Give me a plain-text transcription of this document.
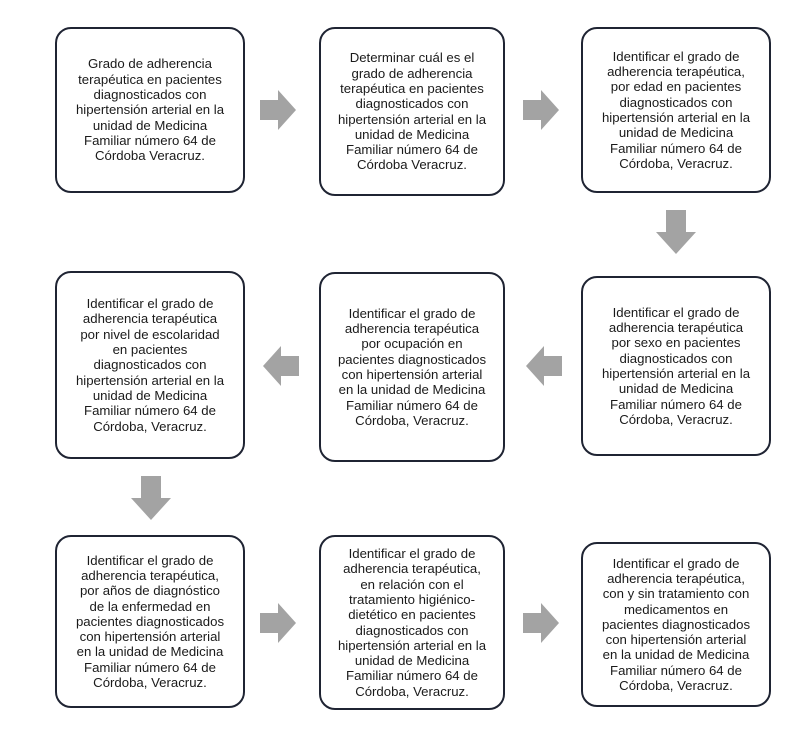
Grado de adherencia
terapéutica en pacientes
diagnosticados con
hipertensión arterial en la
unidad de Medicina
Familiar número 64 de
Córdoba Veracruz.
Determinar cuál es el
grado de adherencia
terapéutica en pacientes
diagnosticados con
hipertensión arterial en la
unidad de Medicina
Familiar número 64 de
Córdoba Veracruz.
Identificar el grado de
adherencia terapéutica,
por edad en pacientes
diagnosticados con
hipertensión arterial en la
unidad de Medicina
Familiar número 64 de
Córdoba, Veracruz.
Identificar el grado de
adherencia terapéutica
por sexo en pacientes
diagnosticados con
hipertensión arterial en la
unidad de Medicina
Familiar número 64 de
Córdoba, Veracruz.
Identificar el grado de
adherencia terapéutica
por ocupación en
pacientes diagnosticados
con hipertensión arterial
en la unidad de Medicina
Familiar número 64 de
Córdoba, Veracruz.
Identificar el grado de
adherencia terapéutica
por nivel de escolaridad
en pacientes
diagnosticados con
hipertensión arterial en la
unidad de Medicina
Familiar número 64 de
Córdoba, Veracruz.
Identificar el grado de
adherencia terapéutica,
por años de diagnóstico
de la enfermedad en
pacientes diagnosticados
con hipertensión arterial
en la unidad de Medicina
Familiar número 64 de
Córdoba, Veracruz.
Identificar el grado de
adherencia terapéutica,
en relación con el
tratamiento higiénico-
dietético en pacientes
diagnosticados con
hipertensión arterial en la
unidad de Medicina
Familiar número 64 de
Córdoba, Veracruz.
Identificar el grado de
adherencia terapéutica,
con y sin tratamiento con
medicamentos en
pacientes diagnosticados
con hipertensión arterial
en la unidad de Medicina
Familiar número 64 de
Córdoba, Veracruz.
